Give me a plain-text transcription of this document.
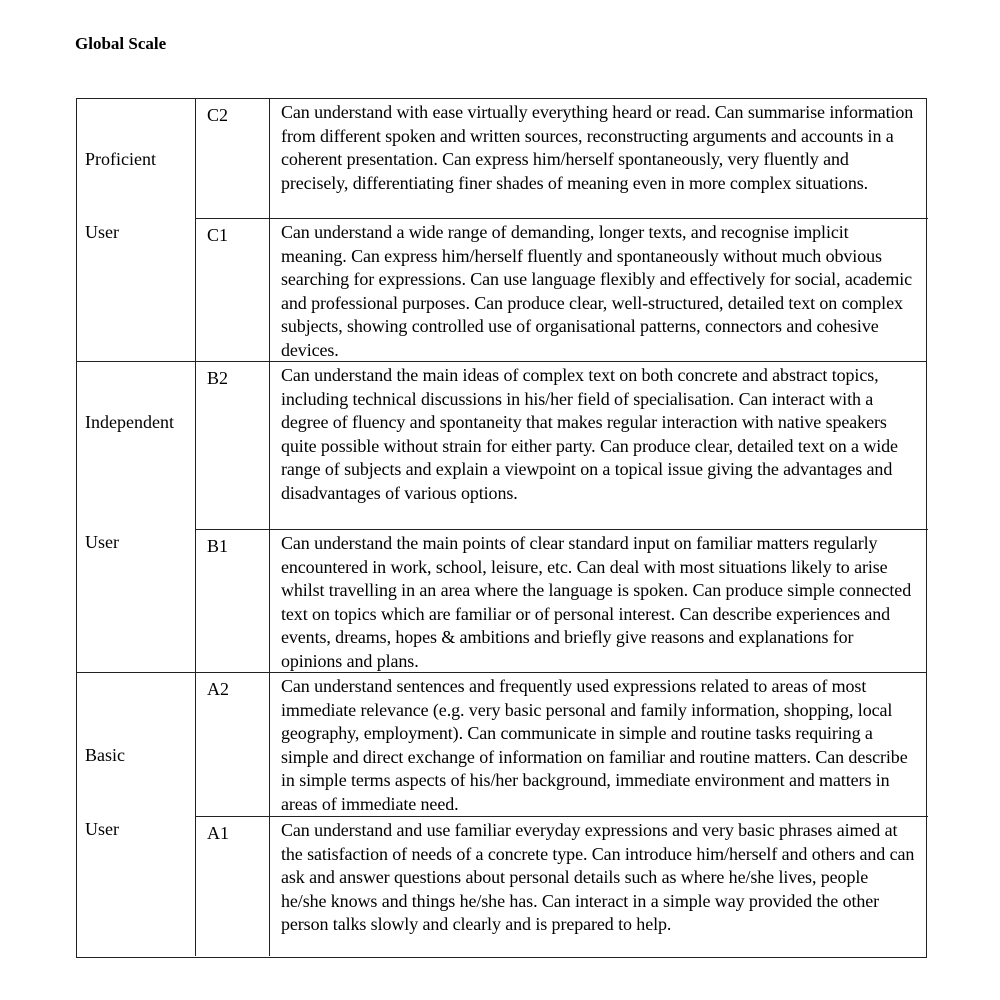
Global Scale
Proficient
User
C2	Can understand with ease virtually everything heard or read. Can summarise information from different spoken and written sources, reconstructing arguments and accounts in a coherent presentation. Can express him/herself spontaneously, very fluently and precisely, differentiating finer shades of meaning even in more complex situations.
C1	Can understand a wide range of demanding, longer texts, and recognise implicit meaning. Can express him/herself fluently and spontaneously without much obvious searching for expressions. Can use language flexibly and effectively for social, academic and professional purposes. Can produce clear, well-structured, detailed text on complex subjects, showing controlled use of organisational patterns, connectors and cohesive devices.
Independent
User
B2	Can understand the main ideas of complex text on both concrete and abstract topics, including technical discussions in his/her field of specialisation. Can interact with a degree of fluency and spontaneity that makes regular interaction with native speakers quite possible without strain for either party. Can produce clear, detailed text on a wide range of subjects and explain a viewpoint on a topical issue giving the advantages and disadvantages of various options.
B1	Can understand the main points of clear standard input on familiar matters regularly encountered in work, school, leisure, etc. Can deal with most situations likely to arise whilst travelling in an area where the language is spoken. Can produce simple connected text on topics which are familiar or of personal interest. Can describe experiences and events, dreams, hopes & ambitions and briefly give reasons and explanations for opinions and plans.
Basic
User
A2	Can understand sentences and frequently used expressions related to areas of most immediate relevance (e.g. very basic personal and family information, shopping, local geography, employment). Can communicate in simple and routine tasks requiring a simple and direct exchange of information on familiar and routine matters. Can describe in simple terms aspects of his/her background, immediate environment and matters in areas of immediate need.
A1	Can understand and use familiar everyday expressions and very basic phrases aimed at the satisfaction of needs of a concrete type. Can introduce him/herself and others and can ask and answer questions about personal details such as where he/she lives, people he/she knows and things he/she has. Can interact in a simple way provided the other person talks slowly and clearly and is prepared to help.
